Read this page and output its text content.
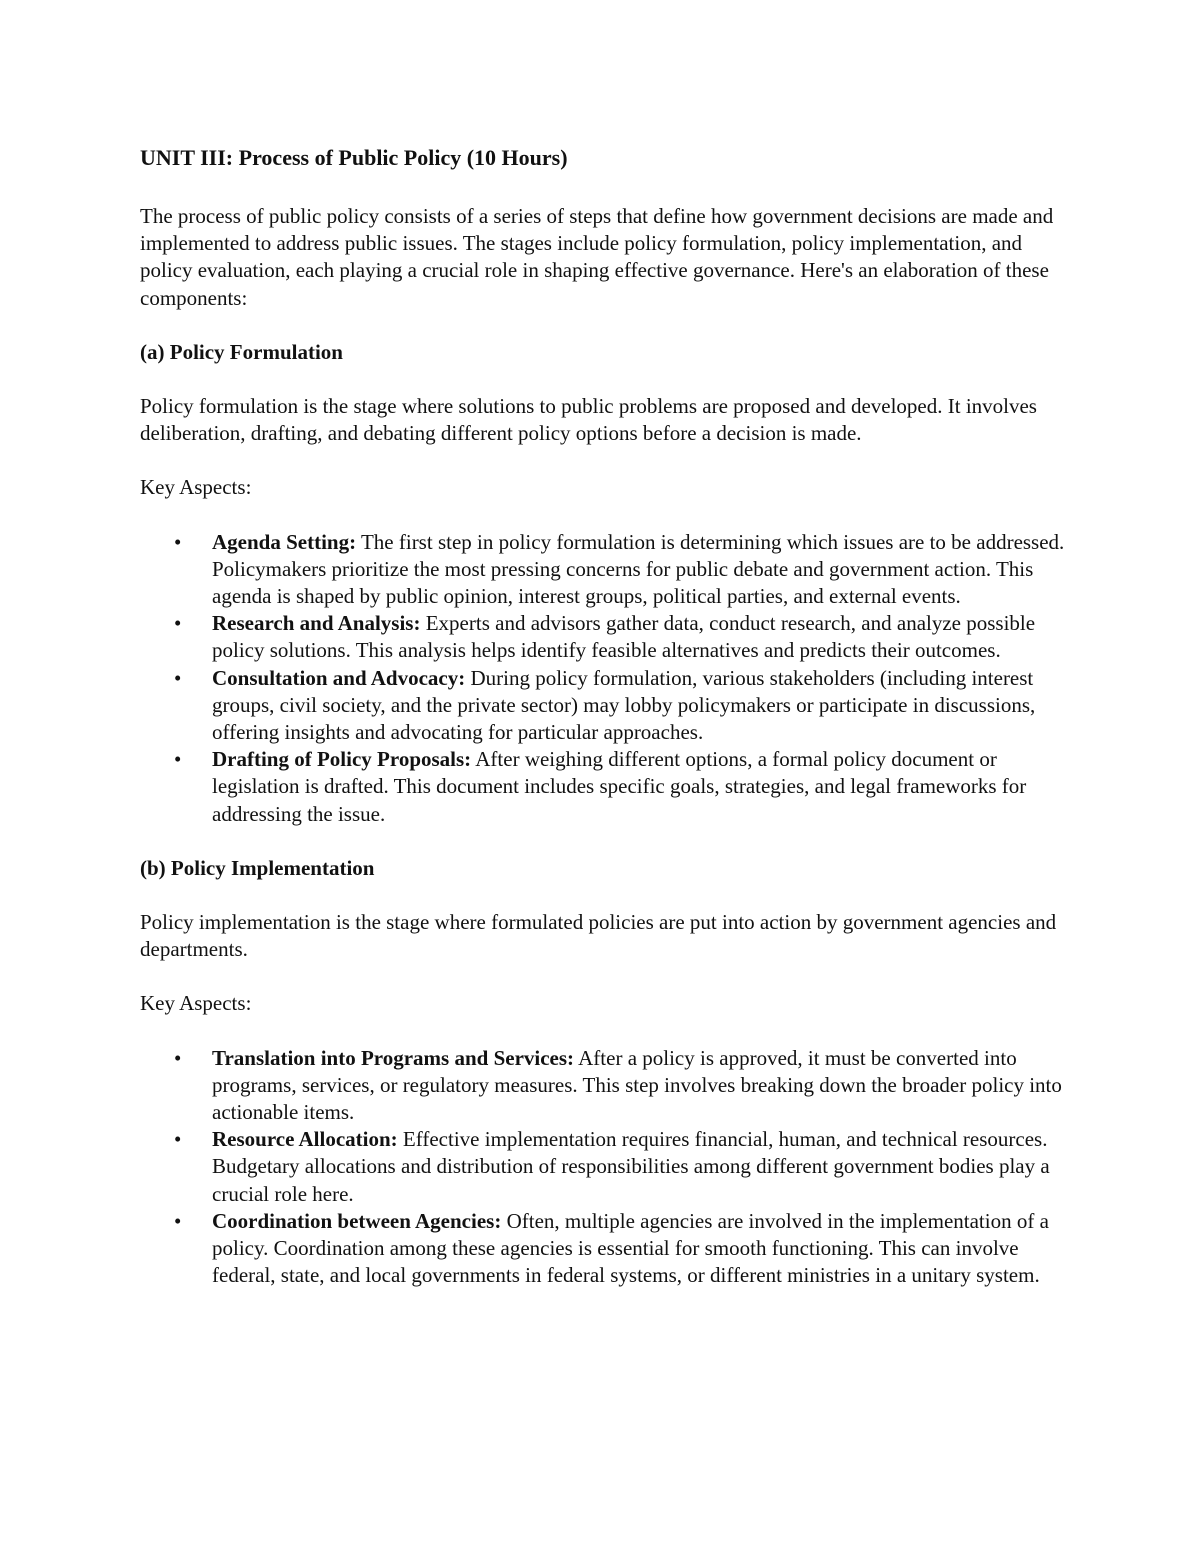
UNIT III: Process of Public Policy (10 Hours)

The process of public policy consists of a series of steps that define how government decisions are made and implemented to address public issues. The stages include policy formulation, policy implementation, and policy evaluation, each playing a crucial role in shaping effective governance. Here's an elaboration of these components:

(a) Policy Formulation

Policy formulation is the stage where solutions to public problems are proposed and developed. It involves deliberation, drafting, and debating different policy options before a decision is made.

Key Aspects:

• Agenda Setting: The first step in policy formulation is determining which issues are to be addressed. Policymakers prioritize the most pressing concerns for public debate and government action. This agenda is shaped by public opinion, interest groups, political parties, and external events.
• Research and Analysis: Experts and advisors gather data, conduct research, and analyze possible policy solutions. This analysis helps identify feasible alternatives and predicts their outcomes.
• Consultation and Advocacy: During policy formulation, various stakeholders (including interest groups, civil society, and the private sector) may lobby policymakers or participate in discussions, offering insights and advocating for particular approaches.
• Drafting of Policy Proposals: After weighing different options, a formal policy document or legislation is drafted. This document includes specific goals, strategies, and legal frameworks for addressing the issue.
(b) Policy Implementation

Policy implementation is the stage where formulated policies are put into action by government agencies and departments.

Key Aspects:

• Translation into Programs and Services: After a policy is approved, it must be converted into programs, services, or regulatory measures. This step involves breaking down the broader policy into actionable items.
• Resource Allocation: Effective implementation requires financial, human, and technical resources. Budgetary allocations and distribution of responsibilities among different government bodies play a crucial role here.
• Coordination between Agencies: Often, multiple agencies are involved in the implementation of a policy. Coordination among these agencies is essential for smooth functioning. This can involve federal, state, and local governments in federal systems, or different ministries in a unitary system.
